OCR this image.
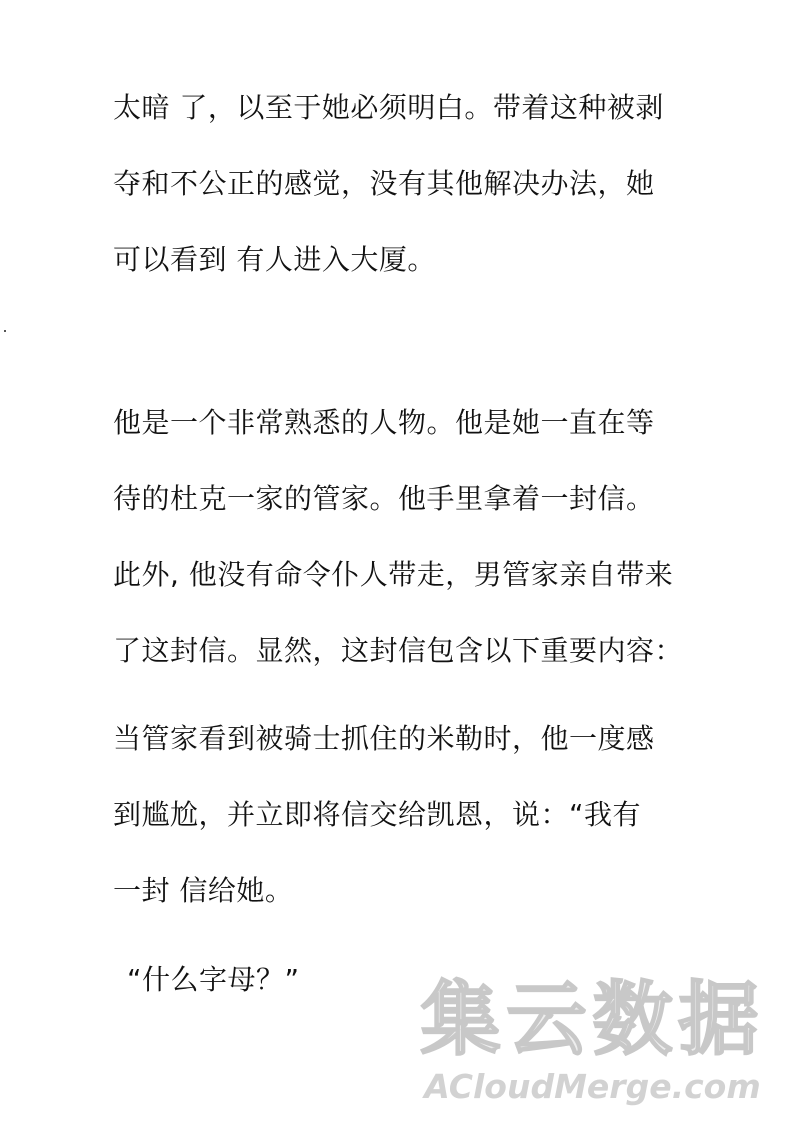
太暗 了，以至于她必须明白。带着这种被剥
夺和不公正的感觉，没有其他解决办法，她
可以看到 有人进入大厦。
他是一个非常熟悉的人物。他是她一直在等
待的杜克一家的管家。他手里拿着一封信。
此外, 他没有命令仆人带走，男管家亲自带来
了这封信。显然，这封信包含以下重要内容：
当管家看到被骑士抓住的米勒时，他一度感
到尴尬，并立即将信交给凯恩，说：“我有
一封 信给她。
“什么字母？” 集云数据
ACloudMerge.com
